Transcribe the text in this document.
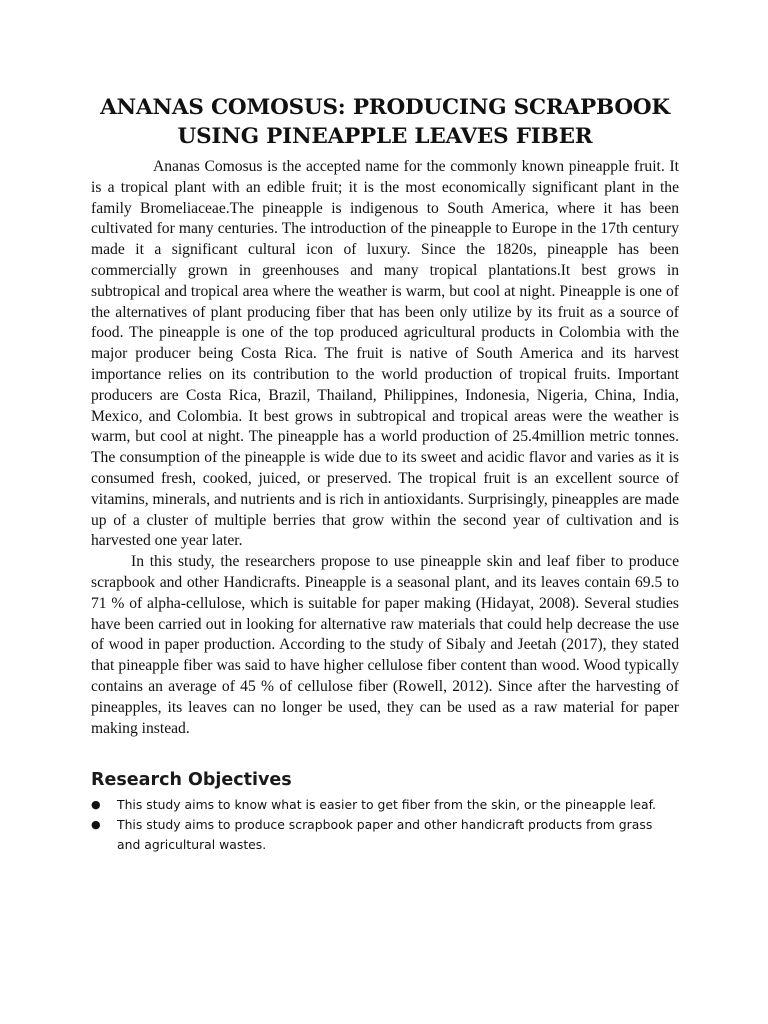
ANANAS COMOSUS: PRODUCING SCRAPBOOK
USING PINEAPPLE LEAVES FIBER

Ananas Comosus is the accepted name for the commonly known pineapple fruit. It is a tropical plant with an edible fruit; it is the most economically significant plant in the family Bromeliaceae.The pineapple is indigenous to South America, where it has been cultivated for many centuries. The introduction of the pineapple to Europe in the 17th century made it a significant cultural icon of luxury. Since the 1820s, pineapple has been commercially grown in greenhouses and many tropical plantations.It best grows in subtropical and tropical area where the weather is warm, but cool at night. Pineapple is one of the alternatives of plant producing fiber that has been only utilize by its fruit as a source of food. The pineapple is one of the top produced agricultural products in Colombia with the major producer being Costa Rica. The fruit is native of South America and its harvest importance relies on its contribution to the world production of tropical fruits. Important producers are Costa Rica, Brazil, Thailand, Philippines, Indonesia, Nigeria, China, India, Mexico, and Colombia. It best grows in subtropical and tropical areas were the weather is warm, but cool at night. The pineapple has a world production of 25.4million metric tonnes. The consumption of the pineapple is wide due to its sweet and acidic flavor and varies as it is consumed fresh, cooked, juiced, or preserved. The tropical fruit is an excellent source of vitamins, minerals, and nutrients and is rich in antioxidants. Surprisingly, pineapples are made up of a cluster of multiple berries that grow within the second year of cultivation and is harvested one year later.

In this study, the researchers propose to use pineapple skin and leaf fiber to produce scrapbook and other Handicrafts. Pineapple is a seasonal plant, and its leaves contain 69.5 to 71 % of alpha-cellulose, which is suitable for paper making (Hidayat, 2008). Several studies have been carried out in looking for alternative raw materials that could help decrease the use of wood in paper production. According to the study of Sibaly and Jeetah (2017), they stated that pineapple fiber was said to have higher cellulose fiber content than wood. Wood typically contains an average of 45 % of cellulose fiber (Rowell, 2012). Since after the harvesting of pineapples, its leaves can no longer be used, they can be used as a raw material for paper making instead.

Research Objectives
● This study aims to know what is easier to get fiber from the skin, or the pineapple leaf.
● This study aims to produce scrapbook paper and other handicraft products from grass and agricultural wastes.
